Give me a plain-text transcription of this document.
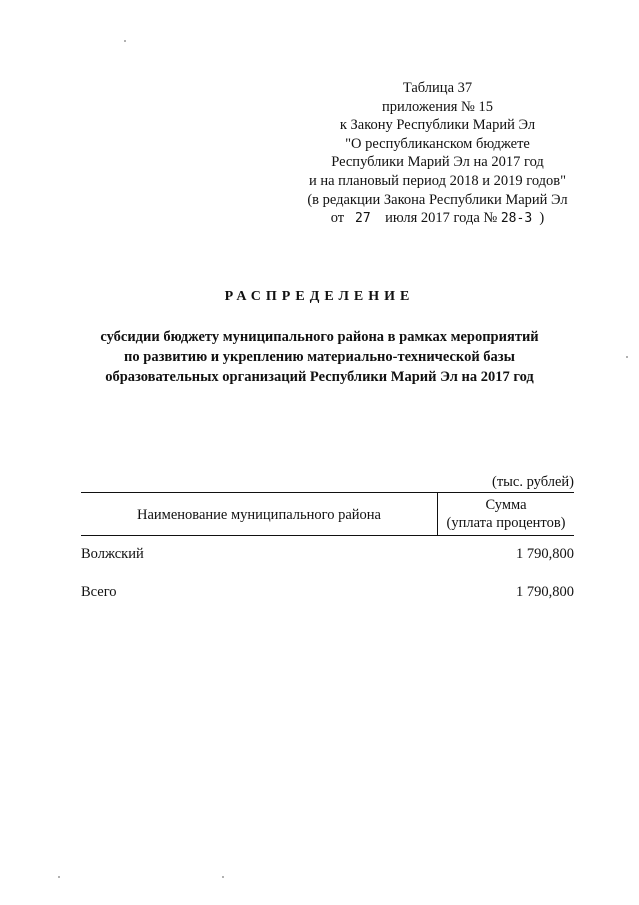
Таблица 37
приложения № 15
к Закону Республики Марий Эл
"О республиканском бюджете
Республики Марий Эл на 2017 год
и на плановый период 2018 и 2019 годов"
(в редакции Закона Республики Марий Эл
от 27 июля 2017 года № 28-З )
РАСПРЕДЕЛЕНИЕ
субсидии бюджету муниципального района в рамках мероприятий
по развитию и укреплению материально-технической базы
образовательных организаций Республики Марий Эл на 2017 год
(тыс. рублей)
Наименование муниципального района
Сумма
(уплата процентов)
Волжский	1 790,800
Всего	1 790,800
